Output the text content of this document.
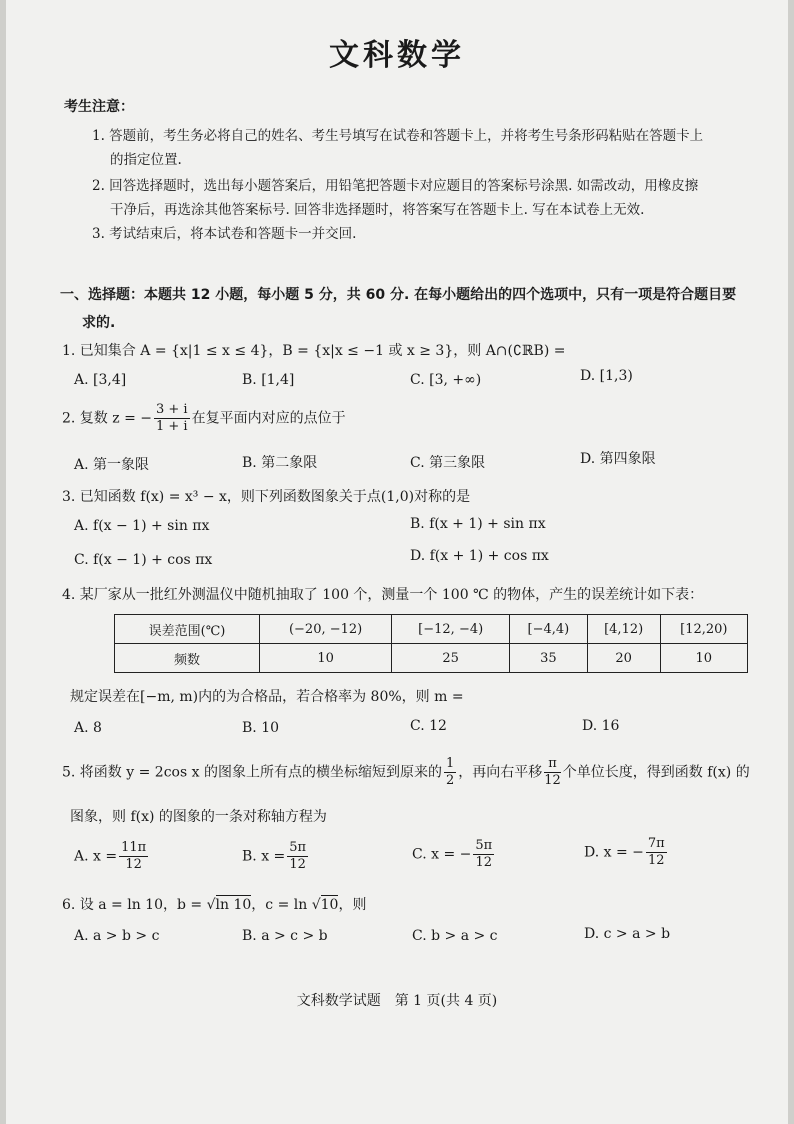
文科数学
考生注意：
1. 答题前，考生务必将自己的姓名、考生号填写在试卷和答题卡上，并将考生号条形码粘贴在答题卡上
的指定位置.
2. 回答选择题时，选出每小题答案后，用铅笔把答题卡对应题目的答案标号涂黑. 如需改动，用橡皮擦
干净后，再选涂其他答案标号. 回答非选择题时，将答案写在答题卡上. 写在本试卷上无效.
3. 考试结束后，将本试卷和答题卡一并交回.
一、选择题：本题共 12 小题，每小题 5 分，共 60 分. 在每小题给出的四个选项中，只有一项是符合题目要
求的.
1. 已知集合 A = {x|1 ≤ x ≤ 4}，B = {x|x ≤ −1 或 x ≥ 3}，则 A∩(∁ℝB) =
A. [3,4]	B. [1,4]	C. [3, +∞)	D. [1,3)
2. 复数 z = − $\frac{3 + i}{1 + i}$ 在复平面内对应的点位于
A. 第一象限	B. 第二象限	C. 第三象限	D. 第四象限
3. 已知函数 f(x) = x³ − x，则下列函数图象关于点(1,0)对称的是
A. f(x − 1) + sin πx	B. f(x + 1) + sin πx
C. f(x − 1) + cos πx	D. f(x + 1) + cos πx
4. 某厂家从一批红外测温仪中随机抽取了 100 个，测量一个 100 ℃ 的物体，产生的误差统计如下表：
误差范围(℃)	(−20, −12)	[−12, −4)	[−4,4)	[4,12)	[12,20)
频数	10	25	35	20	10
规定误差在[−m, m)内的为合格品，若合格率为 80%，则 m =
A. 8	B. 10	C. 12	D. 16
5. 将函数 y = 2cos x 的图象上所有点的横坐标缩短到原来的 $\frac{1}{2}$ ，再向右平移 $\frac{\pi}{12}$ 个单位长度，得到函数 f(x) 的
图象，则 f(x) 的图象的一条对称轴方程为
A. $x = \frac{11\pi}{12}$	B. $x = \frac{5\pi}{12}$	C. x = − $\frac{5\pi}{12}$	D. x = − $\frac{7\pi}{12}$
6. 设 a = ln 10，b = √ln 10，c = ln √10，则
A. a > b > c	B. a > c > b	C. b > a > c	D. c > a > b
文科数学试题　第 1 页(共 4 页)
